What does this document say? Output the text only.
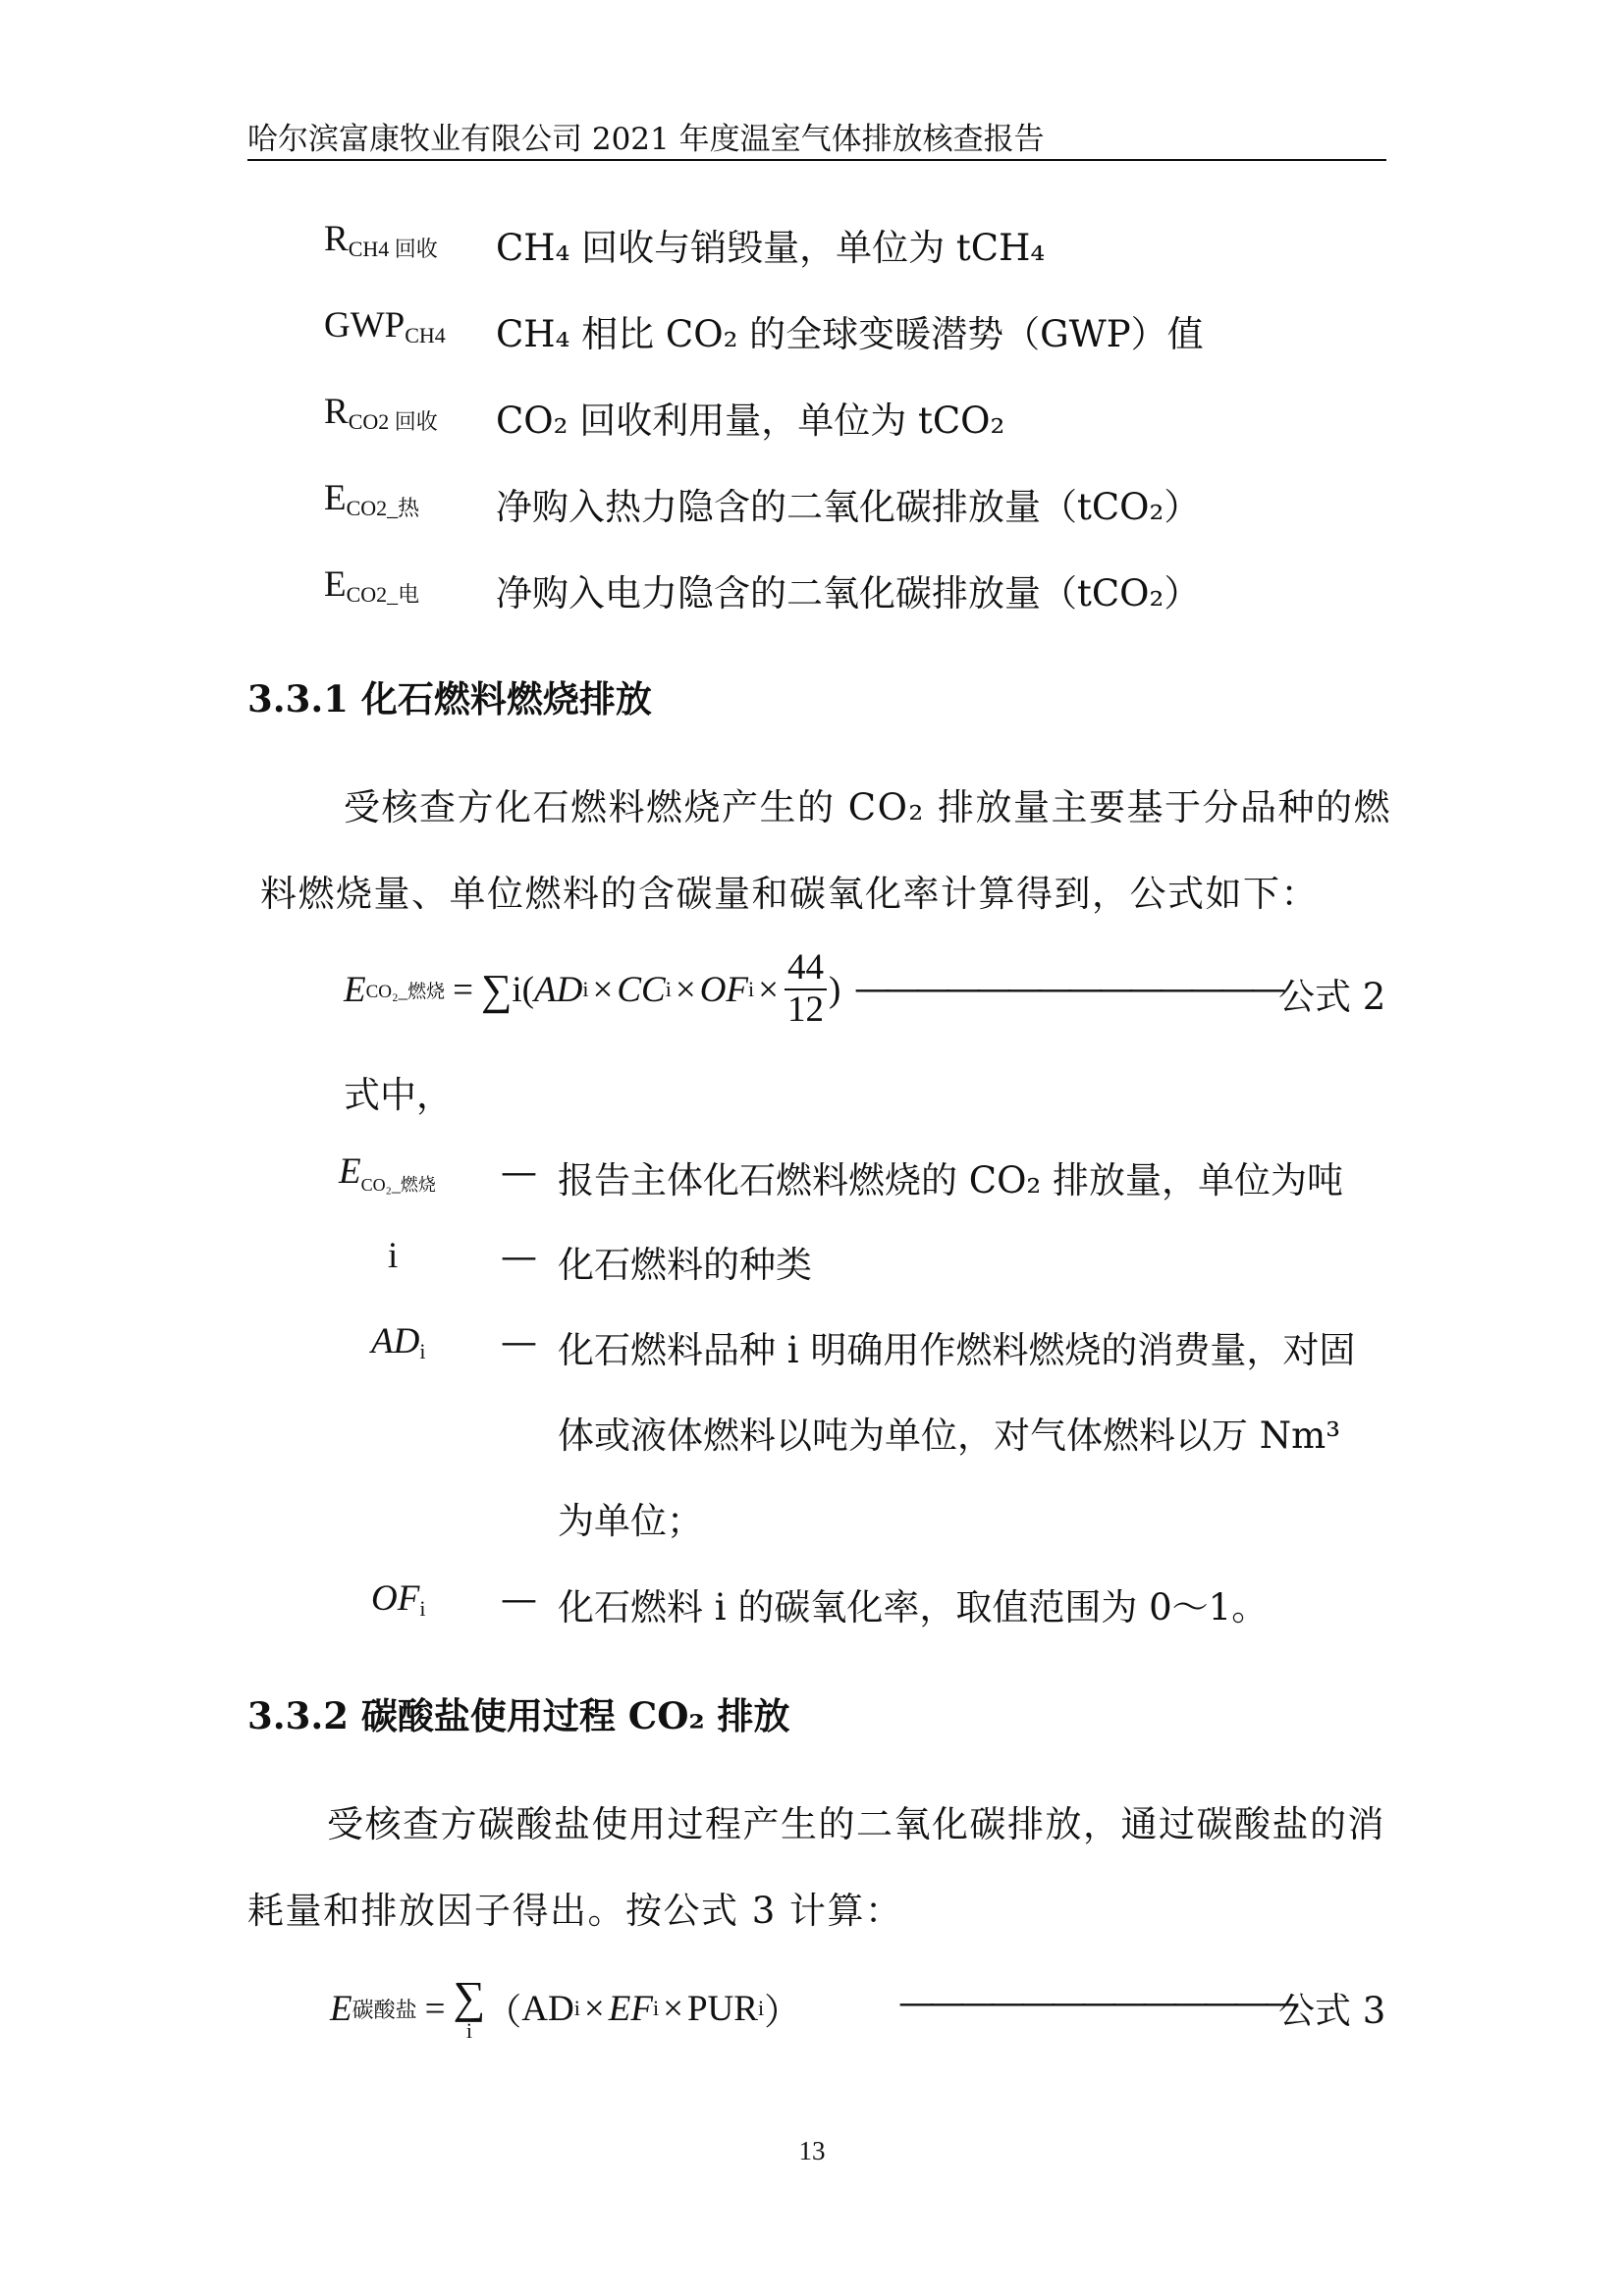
哈尔滨富康牧业有限公司 2021 年度温室气体排放核查报告
$R_{CH4 回收}$ CH₄ 回收与销毁量，单位为 tCH₄
$GWP_{CH4}$ CH₄ 相比 CO₂ 的全球变暖潜势（GWP）值
$R_{CO2 回收}$ CO₂ 回收利用量，单位为 tCO₂
$E_{CO2\_热}$ 净购入热力隐含的二氧化碳排放量（tCO₂）
$E_{CO2\_电}$ 净购入电力隐含的二氧化碳排放量（tCO₂）
3.3.1 化石燃料燃烧排放
受核查方化石燃料燃烧产生的 CO₂ 排放量主要基于分品种的燃
料燃烧量、单位燃料的含碳量和碳氧化率计算得到，公式如下：
E CO₂_燃烧 = ∑ i( AD i × CC i × OF $i \times \frac{44}{12}$ ) ——————————————
公式 2
式中，
$E_{CO_2\_燃烧}$ — 报告主体化石燃料燃烧的 CO₂ 排放量，单位为吨
i	— 化石燃料的种类
$AD_i$ — 化石燃料品种 i 明确用作燃料燃烧的消费量，对固
体或液体燃料以吨为单位，对气体燃料以万 Nm³
为单位；
$OF_i$ — 化石燃料 i 的碳氧化率，取值范围为 0～1。
3.3.2 碳酸盐使用过程 CO₂ 排放
受核查方碳酸盐使用过程产生的二氧化碳排放，通过碳酸盐的消
耗量和排放因子得出。按公式 3 计算：
E 碳酸盐 = ∑
i （ AD i × EF i × PUR i ）	—————————————
公式 3
13
